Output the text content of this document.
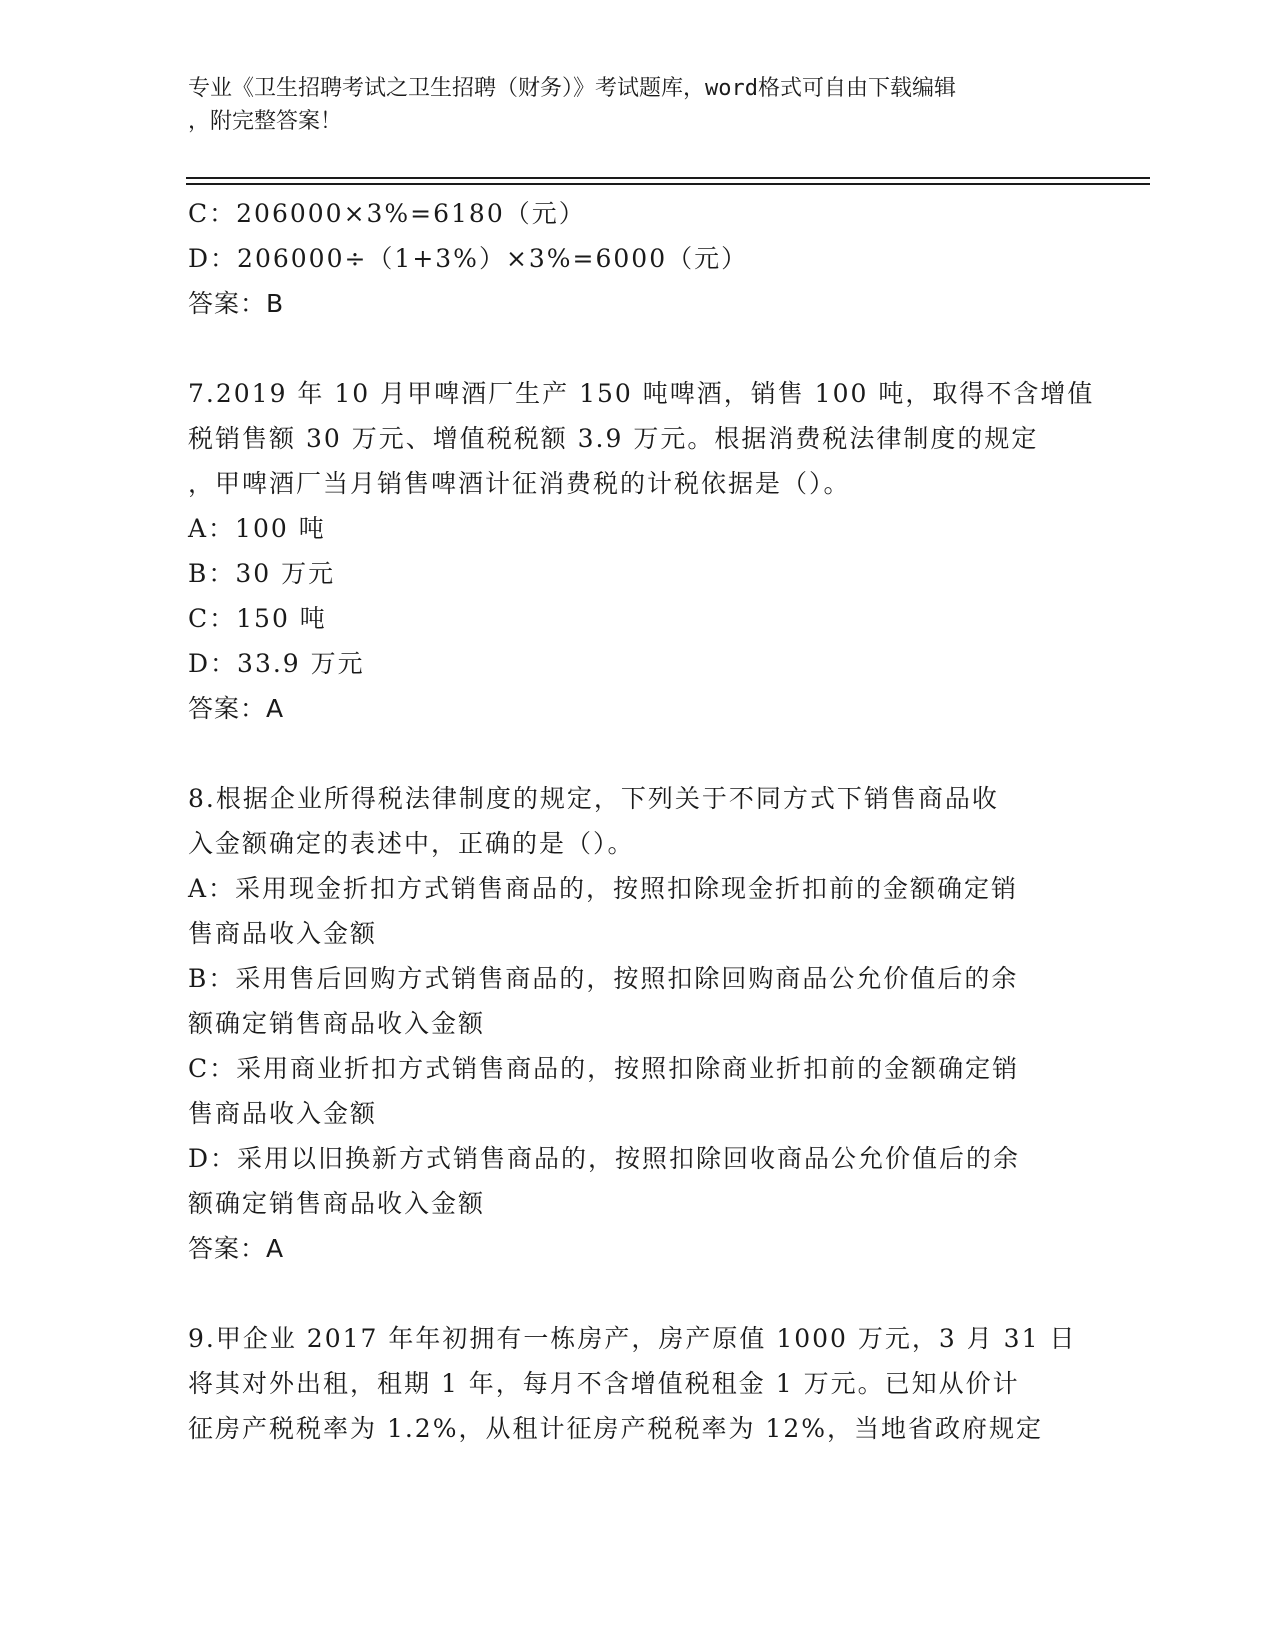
专业《卫生招聘考试之卫生招聘（财务）》考试题库，word格式可自由下载编辑
，附完整答案！
C：206000×3%=6180（元）
D：206000÷（1+3%）×3%=6000（元）
答案：B
7.2019 年 10 月甲啤酒厂生产 150 吨啤酒，销售 100 吨，取得不含增值
税销售额 30 万元、增值税税额 3.9 万元。根据消费税法律制度的规定
，甲啤酒厂当月销售啤酒计征消费税的计税依据是（）。
A：100 吨
B：30 万元
C：150 吨
D：33.9 万元
答案：A
8.根据企业所得税法律制度的规定，下列关于不同方式下销售商品收
入金额确定的表述中，正确的是（）。
A：采用现金折扣方式销售商品的，按照扣除现金折扣前的金额确定销
售商品收入金额
B：采用售后回购方式销售商品的，按照扣除回购商品公允价值后的余
额确定销售商品收入金额
C：采用商业折扣方式销售商品的，按照扣除商业折扣前的金额确定销
售商品收入金额
D：采用以旧换新方式销售商品的，按照扣除回收商品公允价值后的余
额确定销售商品收入金额
答案：A
9.甲企业 2017 年年初拥有一栋房产，房产原值 1000 万元，3 月 31 日
将其对外出租，租期 1 年，每月不含增值税租金 1 万元。已知从价计
征房产税税率为 1.2%，从租计征房产税税率为 12%，当地省政府规定
